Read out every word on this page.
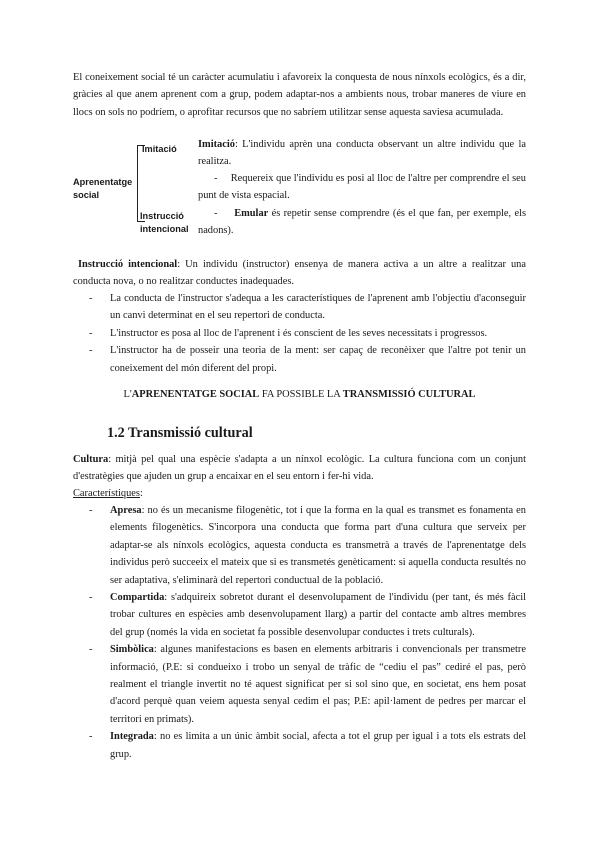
El coneixement social té un caràcter acumulatiu i afavoreix la conquesta de nous nínxols ecològics, és a dir, gràcies al que anem aprenent com a grup, podem adaptar-nos a ambients nous, trobar maneres de viure en llocs on sols no podríem, o aprofitar recursos que no sabríem utilitzar sense aquesta saviesa acumulada.

Aprenentatge social
Imitació
Instrucció intencional

Imitació: L'individu aprèn una conducta observant un altre individu que la realitza.

- Requereix que l'individu es posi al lloc de l'altre per comprendre el seu punt de vista espacial.

- Emular és repetir sense comprendre (és el que fan, per exemple, els nadons).

Instrucció intencional: Un individu (instructor) ensenya de manera activa a un altre a realitzar una conducta nova, o no realitzar conductes inadequades.

- La conducta de l'instructor s'adequa a les característiques de l'aprenent amb l'objectiu d'aconseguir un canvi determinat en el seu repertori de conducta.

- L'instructor es posa al lloc de l'aprenent i és conscient de les seves necessitats i progressos.

- L'instructor ha de posseir una teoria de la ment: ser capaç de reconèixer que l'altre pot tenir un coneixement del món diferent del propi.

L'APRENENTATGE SOCIAL FA POSSIBLE LA TRANSMISSIÓ CULTURAL

1.2 Transmissió cultural

Cultura: mitjà pel qual una espècie s'adapta a un nínxol ecològic. La cultura funciona com un conjunt d'estratègies que ajuden un grup a encaixar en el seu entorn i fer-hi vida.

Característiques:

- Apresa: no és un mecanisme filogenètic, tot i que la forma en la qual es transmet es fonamenta en elements filogenètics. S'incorpora una conducta que forma part d'una cultura que serveix per adaptar-se als nínxols ecològics, aquesta conducta es transmetrà a través de l'aprenentatge dels individus però succeeix el mateix que si es transmetés genèticament: si aquella conducta resultés no ser adaptativa, s'eliminarà del repertori conductual de la població.

- Compartida: s'adquireix sobretot durant el desenvolupament de l'individu (per tant, és més fàcil trobar cultures en espècies amb desenvolupament llarg) a partir del contacte amb altres membres del grup (només la vida en societat fa possible desenvolupar conductes i trets culturals).

- Simbòlica: algunes manifestacions es basen en elements arbitraris i convencionals per transmetre informació, (P.E: si condueixo i trobo un senyal de tràfic de “cediu el pas” cediré el pas, però realment el triangle invertit no té aquest significat per si sol sino que, en societat, ens hem posat d'acord perquè quan veiem aquesta senyal cedim el pas; P.E: apil·lament de pedres per marcar el territori en primats).

- Integrada: no es limita a un únic àmbit social, afecta a tot el grup per igual i a tots els estrats del grup.
